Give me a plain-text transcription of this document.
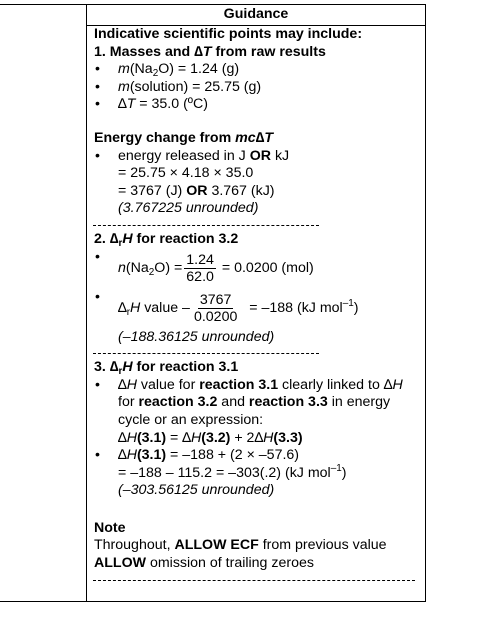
Guidance
Indicative scientific points may include:
1. Masses and ∆T from raw results
• $m(Na_2O) = 1.24$ (g)
• m(solution) = 25.75 (g)
• ∆T = 35.0 (ºC)
Energy change from mc∆T
• energy released in J OR kJ
= 25.75 × 4.18 × 35.0
= 3767 (J) OR 3.767 (kJ)
(3.767225 unrounded)
2. $\Delta_rH$ for reaction 3.2
• $n(Na_2O) = \frac{1.24}{62.0} = 0.0200$ (mol)
• $\Delta_rH$ value – $\frac{3767}{0.0200} = -188$ (kJ mol$^{-1}$)
(–188.36125 unrounded)
3. $\Delta_rH$ for reaction 3.1
• ∆H value for reaction 3.1 clearly linked to ∆H
for reaction 3.2 and reaction 3.3 in energy
cycle or an expression:
∆H(3.1) = ∆H(3.2) + 2∆H(3.3)
• ∆H(3.1) = –188 + (2 × –57.6)
= –188 – 115.2 = –303(.2) (kJ mol$^{-1}$)
(–303.56125 unrounded)
Note
Throughout, ALLOW ECF from previous value
ALLOW omission of trailing zeroes
